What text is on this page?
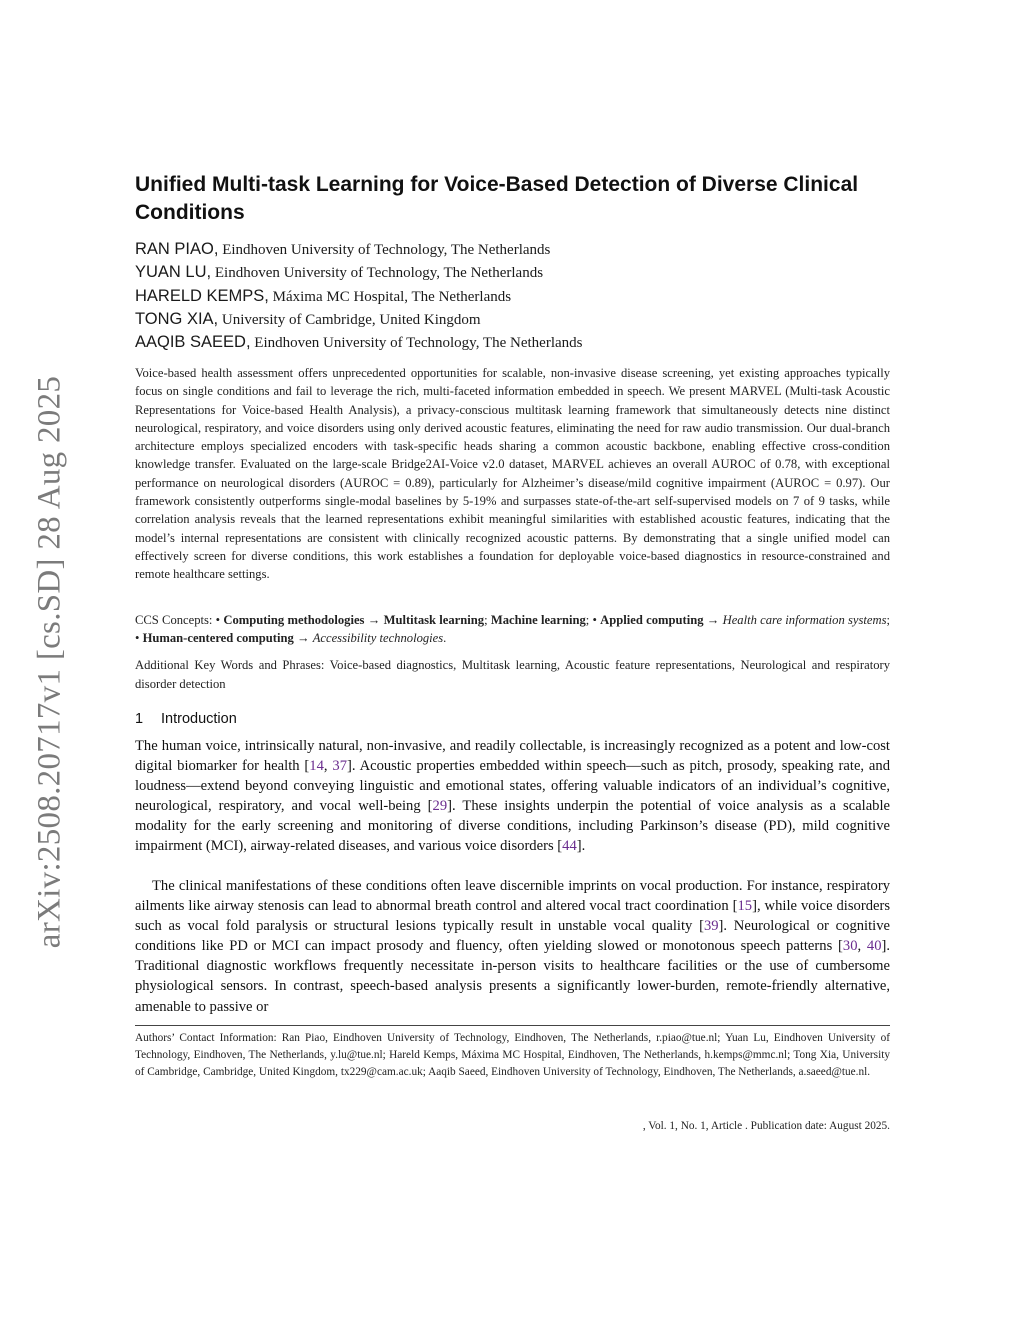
arXiv:2508.20717v1 [cs.SD] 28 Aug 2025
Unified Multi-task Learning for Voice-Based Detection of Diverse Clinical Conditions
RAN PIAO, Eindhoven University of Technology, The Netherlands
YUAN LU, Eindhoven University of Technology, The Netherlands
HARELD KEMPS, Máxima MC Hospital, The Netherlands
TONG XIA, University of Cambridge, United Kingdom
AAQIB SAEED, Eindhoven University of Technology, The Netherlands

Voice-based health assessment offers unprecedented opportunities for scalable, non-invasive disease screening, yet existing approaches typically focus on single conditions and fail to leverage the rich, multi-faceted information embedded in speech. We present MARVEL (Multi-task Acoustic Representations for Voice-based Health Analysis), a privacy-conscious multitask learning framework that simultaneously detects nine distinct neurological, respiratory, and voice disorders using only derived acoustic features, eliminating the need for raw audio transmission. Our dual-branch architecture employs specialized encoders with task-specific heads sharing a common acoustic backbone, enabling effective cross-condition knowledge transfer. Evaluated on the large-scale Bridge2AI-Voice v2.0 dataset, MARVEL achieves an overall AUROC of 0.78, with exceptional performance on neurological disorders (AUROC = 0.89), particularly for Alzheimer’s disease/mild cognitive impairment (AUROC = 0.97). Our framework consistently outperforms single-modal baselines by 5-19% and surpasses state-of-the-art self-supervised models on 7 of 9 tasks, while correlation analysis reveals that the learned representations exhibit meaningful similarities with established acoustic features, indicating that the model’s internal representations are consistent with clinically recognized acoustic patterns. By demonstrating that a single unified model can effectively screen for diverse conditions, this work establishes a foundation for deployable voice-based diagnostics in resource-constrained and remote healthcare settings.

CCS Concepts: • Computing methodologies → Multitask learning; Machine learning; • Applied computing → Health care information systems; • Human-centered computing → Accessibility technologies.

Additional Key Words and Phrases: Voice-based diagnostics, Multitask learning, Acoustic feature representations, Neurological and respiratory disorder detection

1 Introduction

The human voice, intrinsically natural, non-invasive, and readily collectable, is increasingly recognized as a potent and low-cost digital biomarker for health [14, 37]. Acoustic properties embedded within speech—such as pitch, prosody, speaking rate, and loudness—extend beyond conveying linguistic and emotional states, offering valuable indicators of an individual’s cognitive, neurological, respiratory, and vocal well-being [29]. These insights underpin the potential of voice analysis as a scalable modality for the early screening and monitoring of diverse conditions, including Parkinson’s disease (PD), mild cognitive impairment (MCI), airway-related diseases, and various voice disorders [44].

The clinical manifestations of these conditions often leave discernible imprints on vocal production. For instance, respiratory ailments like airway stenosis can lead to abnormal breath control and altered vocal tract coordination [15], while voice disorders such as vocal fold paralysis or structural lesions typically result in unstable vocal quality [39]. Neurological or cognitive conditions like PD or MCI can impact prosody and fluency, often yielding slowed or monotonous speech patterns [30, 40]. Traditional diagnostic workflows frequently necessitate in-person visits to healthcare facilities or the use of cumbersome physiological sensors. In contrast, speech-based analysis presents a significantly lower-burden, remote-friendly alternative, amenable to passive or

Authors’ Contact Information: Ran Piao, Eindhoven University of Technology, Eindhoven, The Netherlands, r.piao@tue.nl; Yuan Lu, Eindhoven University of Technology, Eindhoven, The Netherlands, y.lu@tue.nl; Hareld Kemps, Máxima MC Hospital, Eindhoven, The Netherlands, h.kemps@mmc.nl; Tong Xia, University of Cambridge, Cambridge, United Kingdom, tx229@cam.ac.uk; Aaqib Saeed, Eindhoven University of Technology, Eindhoven, The Netherlands, a.saeed@tue.nl.

, Vol. 1, No. 1, Article . Publication date: August 2025.
